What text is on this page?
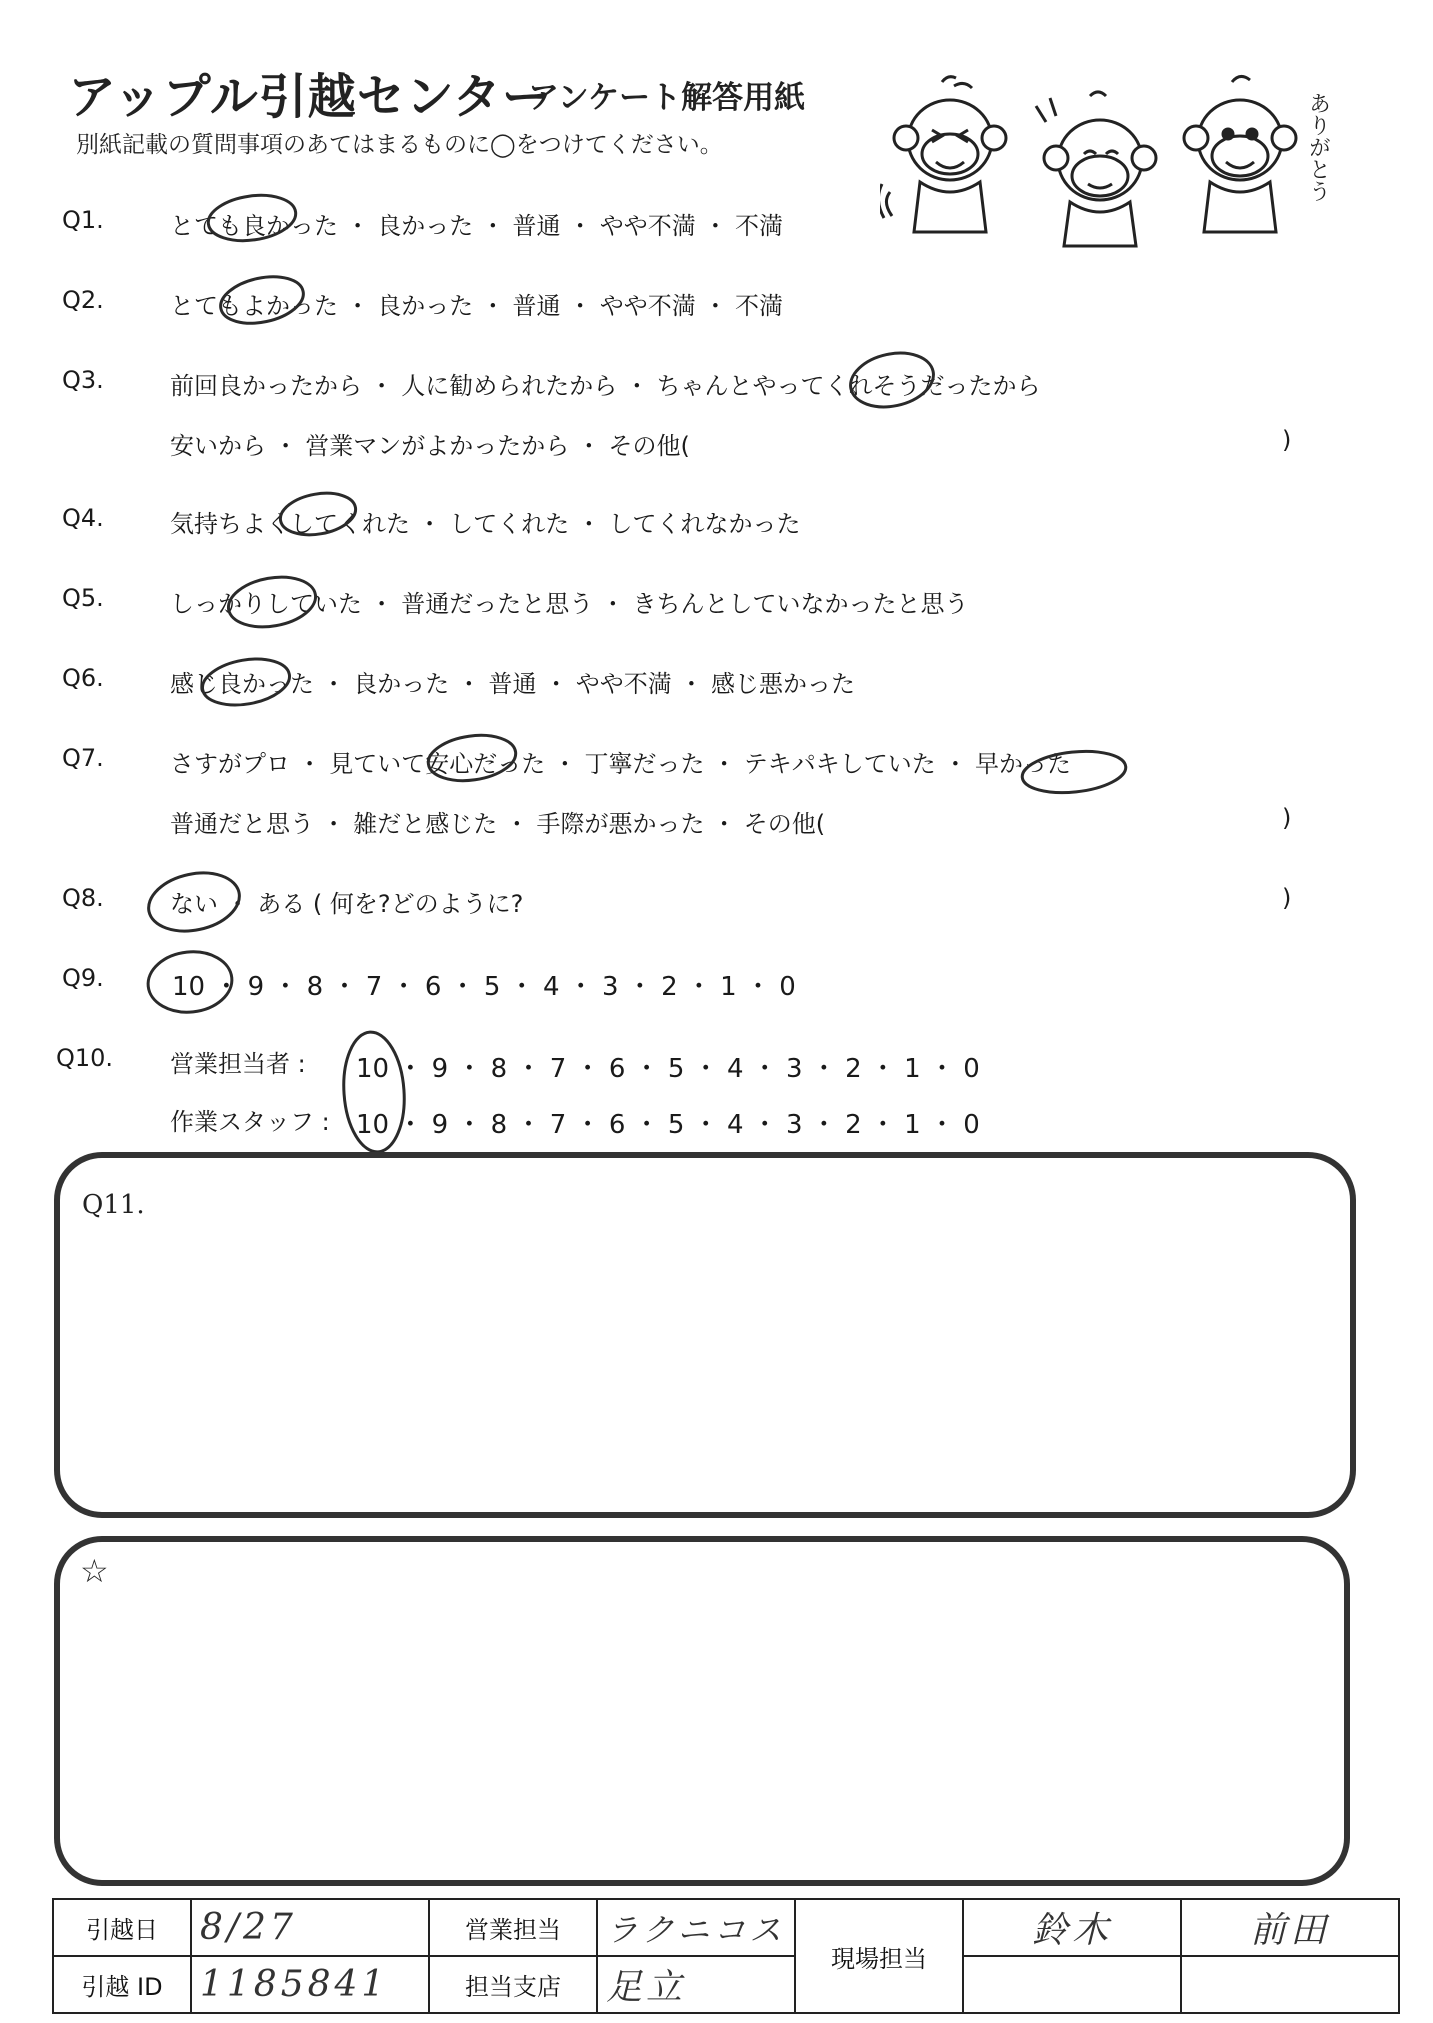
アップル引越センター
アンケート解答用紙
別紙記載の質問事項のあてはまるものに◯をつけてください。	ありがとう
Q1.	とても良かった ・ 良かった ・ 普通 ・ やや不満 ・ 不満
Q2.	とてもよかった ・ 良かった ・ 普通 ・ やや不満 ・ 不満
Q3.	前回良かったから ・ 人に勧められたから ・ ちゃんとやってくれそうだったから
安いから ・ 営業マンがよかったから ・ その他(	)
Q4.	気持ちよくしてくれた ・ してくれた ・ してくれなかった
Q5.	しっかりしていた ・ 普通だったと思う ・ きちんとしていなかったと思う
Q6.	感じ良かった ・ 良かった ・ 普通 ・ やや不満 ・ 感じ悪かった
Q7.	さすがプロ ・ 見ていて安心だった ・ 丁寧だった ・ テキパキしていた ・ 早かった
普通だと思う ・ 雑だと感じた ・ 手際が悪かった ・ その他(	)
Q8.	ない ・ ある ( 何を?どのように?	)
Q9.	10 ・ 9 ・ 8 ・ 7 ・ 6 ・ 5 ・ 4 ・ 3 ・ 2 ・ 1 ・ 0
Q10. 営業担当者 : 10 ・ 9 ・ 8 ・ 7 ・ 6 ・ 5 ・ 4 ・ 3 ・ 2 ・ 1 ・ 0
作業スタッフ : 10 ・ 9 ・ 8 ・ 7 ・ 6 ・ 5 ・ 4 ・ 3 ・ 2 ・ 1 ・ 0
Q11.
☆
引越日	8/27	営業担当	ラクニコス	現場担当	鈴木	前田
引越 ID	1185841	担当支店	足立			
